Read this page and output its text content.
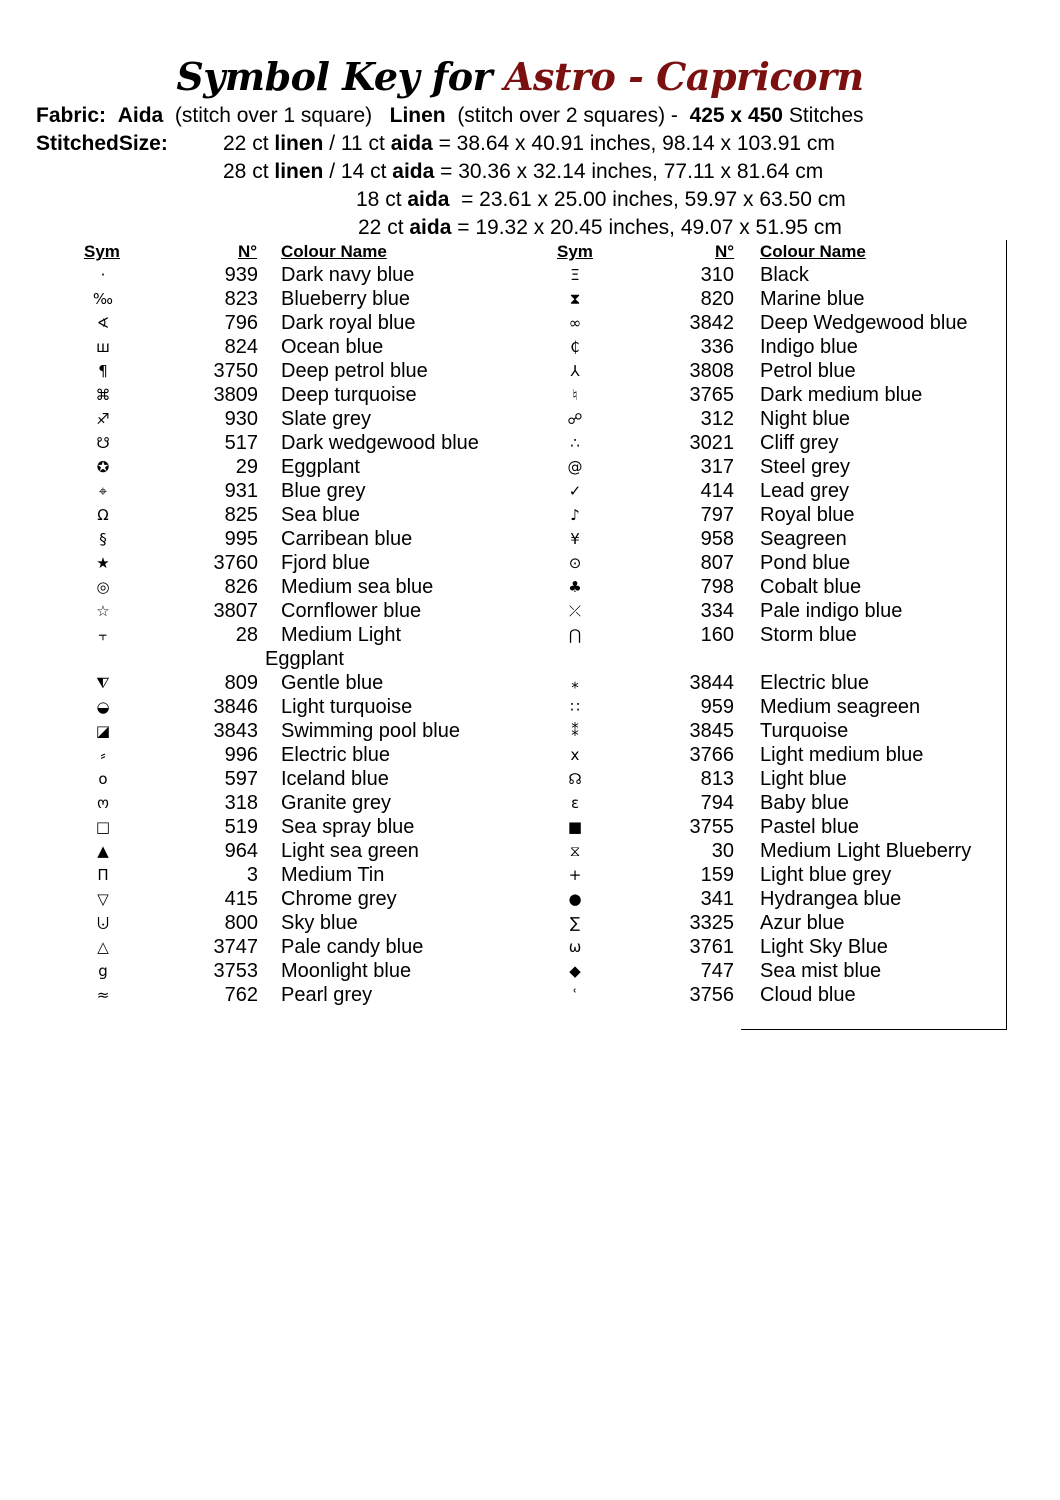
Symbol Key for Astro - Capricorn
Fabric: Aida (stitch over 1 square) Linen (stitch over 2 squares) - 425 x 450 Stitches
StitchedSize:	22 ct linen / 11 ct aida = 38.64 x 40.91 inches, 98.14 x 103.91 cm
28 ct linen / 14 ct aida = 30.36 x 32.14 inches, 77.11 x 81.64 cm
18 ct aida  = 23.61 x 25.00 inches, 59.97 x 63.50 cm
22 ct aida = 19.32 x 20.45 inches, 49.07 x 51.95 cm
Sym	N° Colour Name
·	939 Dark navy blue
‰	823 Blueberry blue
∢	796 Dark royal blue
ш	824 Ocean blue
¶	3750 Deep petrol blue
⌘	3809 Deep turquoise
♐	930 Slate grey
☋	517 Dark wedgewood blue
✪	29 Eggplant
⌖	931 Blue grey
Ω	825 Sea blue
§	995 Carribean blue
★	3760 Fjord blue
◎	826 Medium sea blue
☆	3807 Cornflower blue
⫟	28 Medium Light
Eggplant
⧨	809 Gentle blue
◒	3846 Light turquoise
◪	3843 Swimming pool blue
⸗	996 Electric blue
o	597 Iceland blue
ო	318 Granite grey
□	519 Sea spray blue
▲	964 Light sea green
Π	3 Medium Tin
▽	415 Chrome grey
⨃	800 Sky blue
△	3747 Pale candy blue
g	3753 Moonlight blue
≈	762 Pearl grey
Sym	N° Colour Name
Ξ	310 Black
⧗	820 Marine blue
∞	3842 Deep Wedgewood blue
₵	336 Indigo blue
⅄	3808 Petrol blue
♮	3765 Dark medium blue
☍	312 Night blue
∴	3021 Cliff grey
@	317 Steel grey
✓	414 Lead grey
♪	797 Royal blue
¥	958 Seagreen
⊙	807 Pond blue
♣	798 Cobalt blue
⤫	334 Pale indigo blue
⋂	160 Storm blue
⁎	3844 Electric blue
∷	959 Medium seagreen
⁑	3845 Turquoise
x	3766 Light medium blue
☊	813 Light blue
ε	794 Baby blue
■	3755 Pastel blue
⧖	30 Medium Light Blueberry
+	159 Light blue grey
●	341 Hydrangea blue
∑	3325 Azur blue
ω	3761 Light Sky Blue
◆	747 Sea mist blue
ʿ	3756 Cloud blue
